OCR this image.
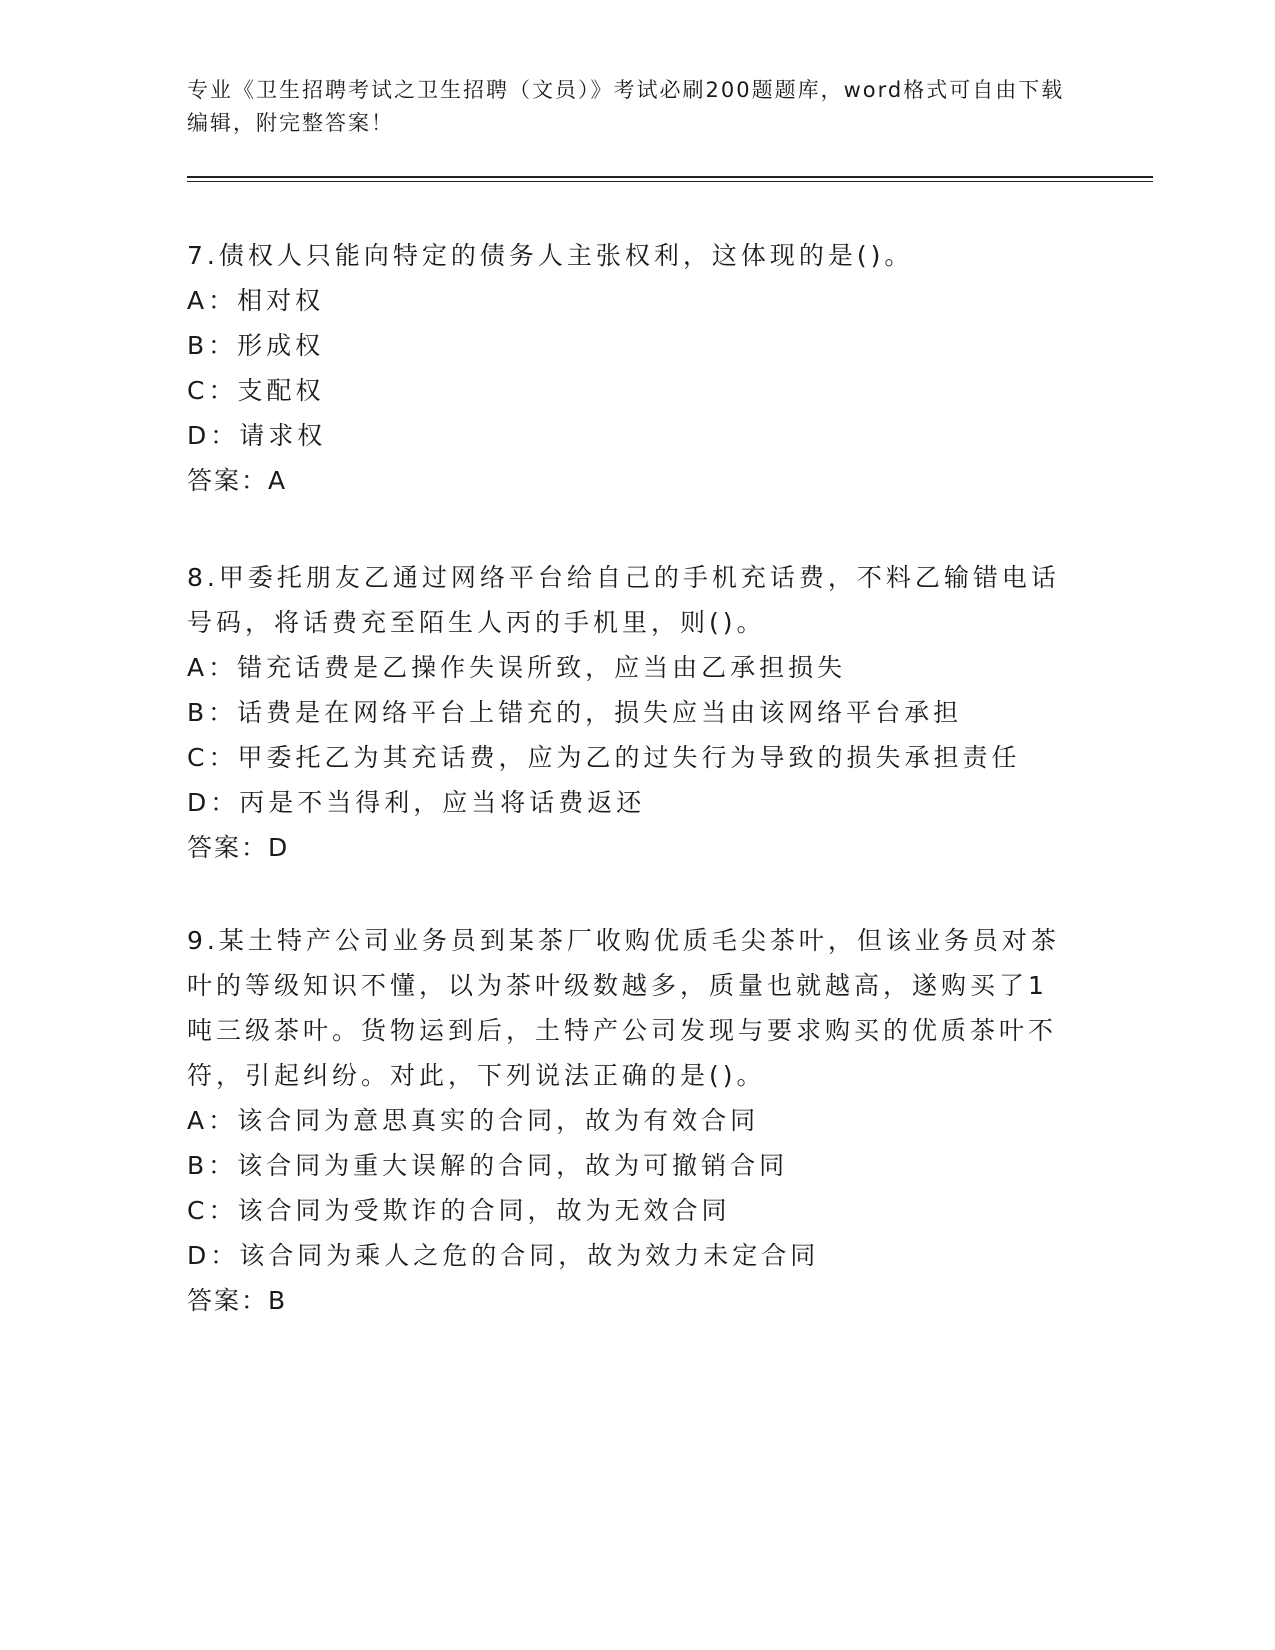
专业《卫生招聘考试之卫生招聘（文员）》考试必刷200题题库，word格式可自由下载编辑，附完整答案！
7.债权人只能向特定的债务人主张权利，这体现的是()。
A：相对权
B：形成权
C：支配权
D：请求权
答案：A
8.甲委托朋友乙通过网络平台给自己的手机充话费，不料乙输错电话号码，将话费充至陌生人丙的手机里，则()。
A：错充话费是乙操作失误所致，应当由乙承担损失
B：话费是在网络平台上错充的，损失应当由该网络平台承担
C：甲委托乙为其充话费，应为乙的过失行为导致的损失承担责任
D：丙是不当得利，应当将话费返还
答案：D
9.某土特产公司业务员到某茶厂收购优质毛尖茶叶，但该业务员对茶叶的等级知识不懂，以为茶叶级数越多，质量也就越高，遂购买了1吨三级茶叶。货物运到后，土特产公司发现与要求购买的优质茶叶不符，引起纠纷。对此，下列说法正确的是()。
A：该合同为意思真实的合同，故为有效合同
B：该合同为重大误解的合同，故为可撤销合同
C：该合同为受欺诈的合同，故为无效合同
D：该合同为乘人之危的合同，故为效力未定合同
答案：B
